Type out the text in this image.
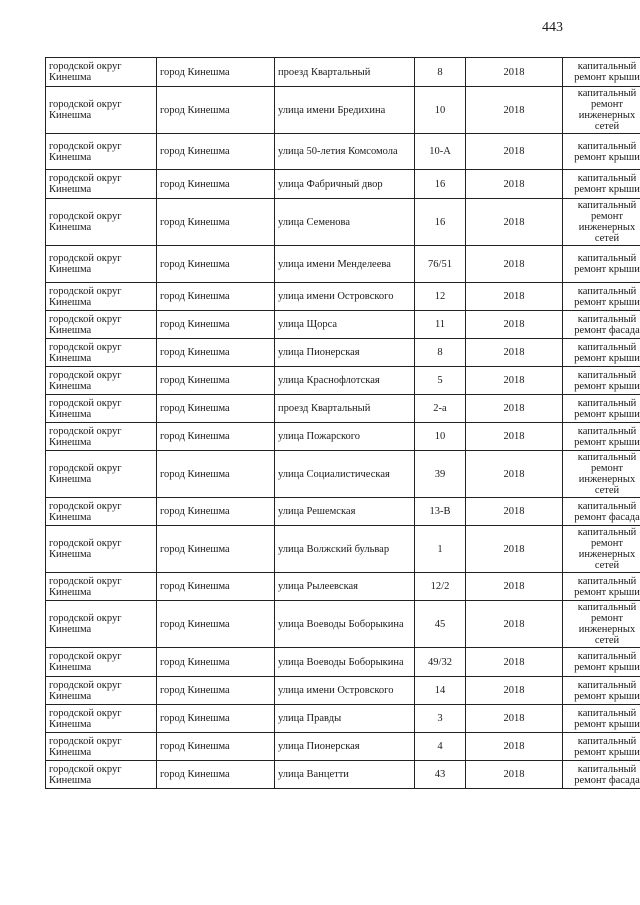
443
городской округ Кинешма	город Кинешма	проезд Квартальный	8	2018	капитальный ремонт крыши
городской округ Кинешма	город Кинешма	улица имени Бредихина	10	2018	капитальный ремонт инженерных сетей
городской округ Кинешма	город Кинешма	улица 50-летия Комсомола	10-А	2018	капитальный ремонт крыши
городской округ Кинешма	город Кинешма	улица Фабричный двор	16	2018	капитальный ремонт крыши
городской округ Кинешма	город Кинешма	улица Семенова	16	2018	капитальный ремонт инженерных сетей
городской округ Кинешма	город Кинешма	улица имени Менделеева	76/51	2018	капитальный ремонт крыши
городской округ Кинешма	город Кинешма	улица имени Островского	12	2018	капитальный ремонт крыши
городской округ Кинешма	город Кинешма	улица Щорса	11	2018	капитальный ремонт фасада
городской округ Кинешма	город Кинешма	улица Пионерская	8	2018	капитальный ремонт крыши
городской округ Кинешма	город Кинешма	улица Краснофлотская	5	2018	капитальный ремонт крыши
городской округ Кинешма	город Кинешма	проезд Квартальный	2-а	2018	капитальный ремонт крыши
городской округ Кинешма	город Кинешма	улица Пожарского	10	2018	капитальный ремонт крыши
городской округ Кинешма	город Кинешма	улица Социалистическая	39	2018	капитальный ремонт инженерных сетей
городской округ Кинешма	город Кинешма	улица Решемская	13-В	2018	капитальный ремонт фасада
городской округ Кинешма	город Кинешма	улица Волжский бульвар	1	2018	капитальный ремонт инженерных сетей
городской округ Кинешма	город Кинешма	улица Рылеевская	12/2	2018	капитальный ремонт крыши
городской округ Кинешма	город Кинешма	улица Воеводы Боборыкина	45	2018	капитальный ремонт инженерных сетей
городской округ Кинешма	город Кинешма	улица Воеводы Боборыкина	49/32	2018	капитальный ремонт крыши
городской округ Кинешма	город Кинешма	улица имени Островского	14	2018	капитальный ремонт крыши
городской округ Кинешма	город Кинешма	улица Правды	3	2018	капитальный ремонт крыши
городской округ Кинешма	город Кинешма	улица Пионерская	4	2018	капитальный ремонт крыши
городской округ Кинешма	город Кинешма	улица Ванцетти	43	2018	капитальный ремонт фасада
